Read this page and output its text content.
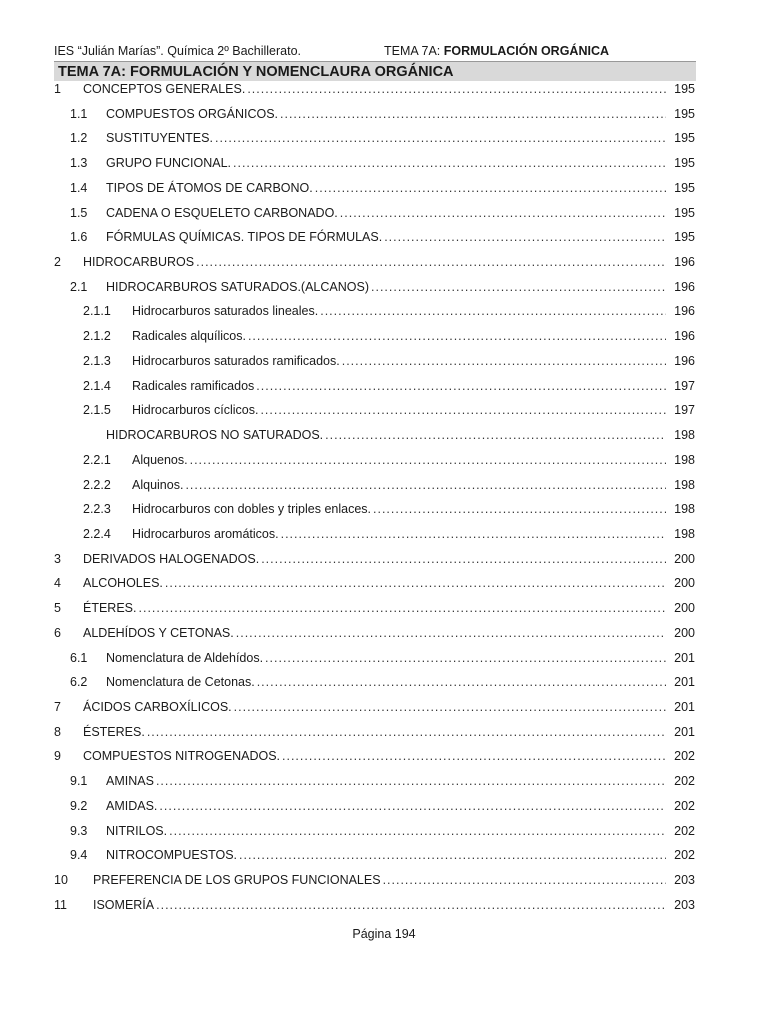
IES “Julián Marías”. Química 2º Bachillerato.	TEMA 7A: FORMULACIÓN ORGÁNICA
TEMA 7A: FORMULACIÓN Y NOMENCLAURA ORGÁNICA
1 CONCEPTOS GENERALES. .....	195
1.1 COMPUESTOS ORGÁNICOS. .....	195
1.2 SUSTITUYENTES. .....	195
1.3 GRUPO FUNCIONAL. .....	195
1.4 TIPOS DE ÁTOMOS DE CARBONO. .....	195
1.5 CADENA O ESQUELETO CARBONADO. .....	195
1.6 FÓRMULAS QUÍMICAS. TIPOS DE FÓRMULAS. .....	195
2 HIDROCARBUROS .....	196
2.1 HIDROCARBUROS SATURADOS.(ALCANOS) .....	196
2.1.1 Hidrocarburos saturados lineales. .....	196
2.1.2 Radicales alquílicos. .....	196
2.1.3 Hidrocarburos saturados ramificados. .....	196
2.1.4 Radicales ramificados .....	197
2.1.5 Hidrocarburos cíclicos. .....	197
HIDROCARBUROS NO SATURADOS. .....	198
2.2.1 Alquenos. .....	198
2.2.2 Alquinos. .....	198
2.2.3 Hidrocarburos con dobles y triples enlaces. .....	198
2.2.4 Hidrocarburos aromáticos. .....	198
3 DERIVADOS HALOGENADOS. .....	200
4 ALCOHOLES. .....	200
5 ÉTERES. .....	200
6 ALDEHÍDOS Y CETONAS. .....	200
6.1 Nomenclatura de Aldehídos. .....	201
6.2 Nomenclatura de Cetonas. .....	201
7 ÁCIDOS CARBOXÍLICOS. .....	201
8 ÉSTERES. .....	201
9 COMPUESTOS NITROGENADOS. .....	202
9.1 AMINAS .....	202
9.2 AMIDAS. .....	202
9.3 NITRILOS. .....	202
9.4 NITROCOMPUESTOS. .....	202
10 PREFERENCIA DE LOS GRUPOS FUNCIONALES .....	203
11 ISOMERÍA .....	203
Página 194
